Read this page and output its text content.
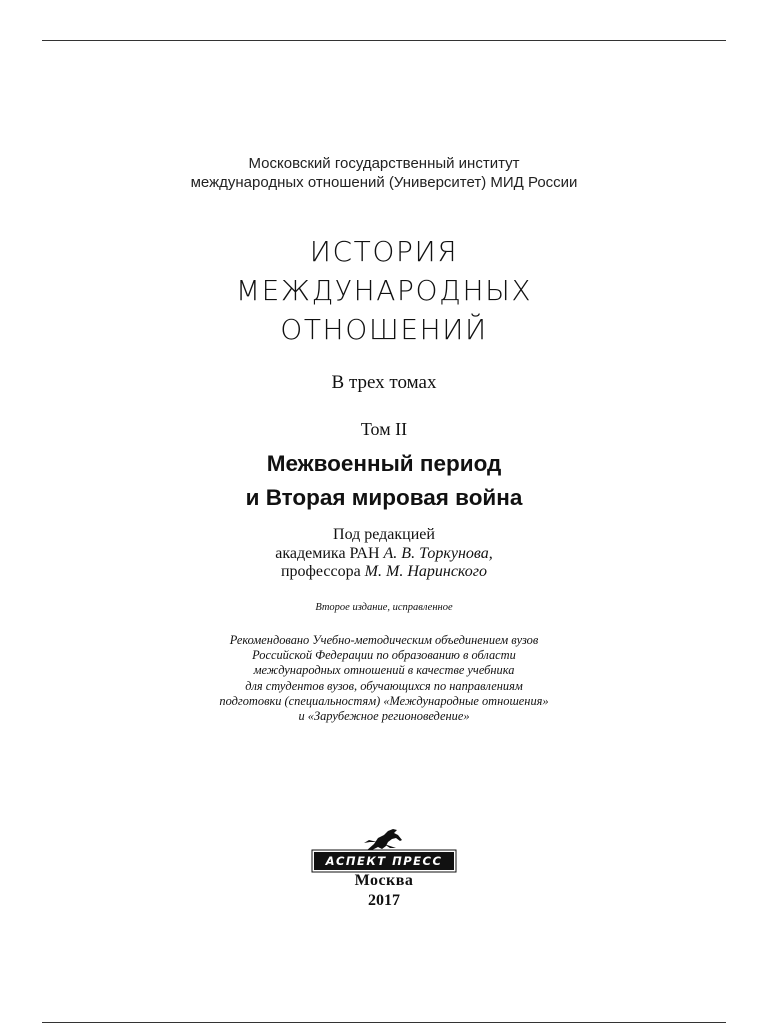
Московский государственный институт
международных отношений (Университет) МИД России
ИСТОРИЯ
МЕЖДУНАРОДНЫХ
ОТНОШЕНИЙ
В трех томах
Том II
Межвоенный период
и Вторая мировая война
Под редакцией
академика РАН А. В. Торкунова,
профессора М. М. Наринского
Второе издание, исправленное
Рекомендовано Учебно-методическим объединением вузов
Российской Федерации по образованию в области
международных отношений в качестве учебника
для студентов вузов, обучающихся по направлениям
подготовки (специальностям) «Международные отношения»
и «Зарубежное регионоведение»
АСПЕКТ ПРЕСС
Москва
2017
